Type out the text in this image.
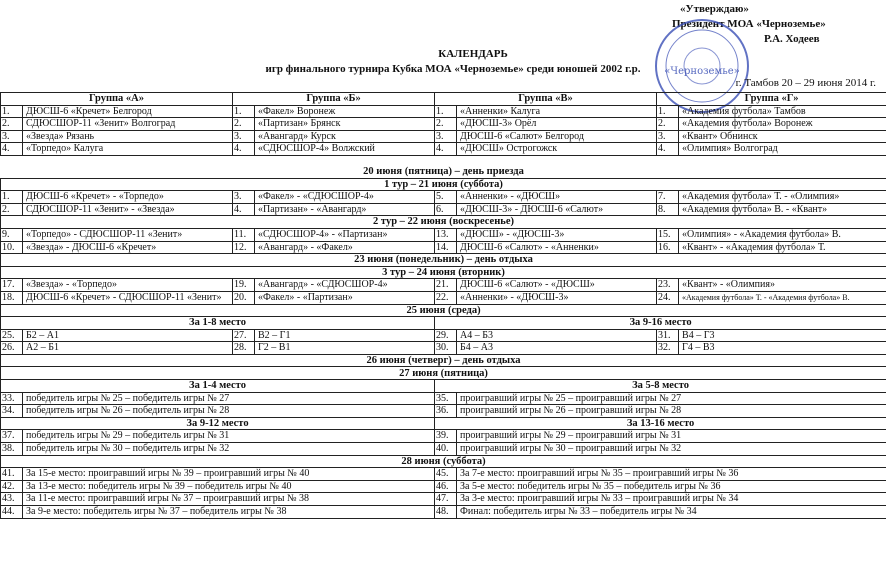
«Утверждаю»
Президент МОА «Черноземье»
Р.А. Ходеев
«Черноземье»
КАЛЕНДАРЬ
игр финального турнира Кубка МОА «Черноземье» среди юношей 2002 г.р.
г. Тамбов 20 – 29 июня 2014 г.
Группа «А»		Группа «Б»		Группа «В»		Группа «Г»	
1.	ДЮСШ-6 «Кречет» Белгород	1.	«Факел» Воронеж	1.	«Анненки» Калуга	1.	«Академия футбола» Тамбов
2.	СДЮСШОР-11 «Зенит» Волгоград	2.	«Партизан» Брянск	2.	«ДЮСШ-3» Орёл	2.	«Академия футбола» Воронеж
3.	«Звезда» Рязань	3.	«Авангард» Курск	3.	ДЮСШ-6 «Салют» Белгород	3.	«Квант» Обнинск
4.	«Торпедо» Калуга	4.	«СДЮСШОР-4» Волжский	4.	«ДЮСШ» Острогожск	4.	«Олимпия» Волгоград

20 июня (пятница) – день приезда							
1 тур – 21 июня (суббота)							
1.	ДЮСШ-6 «Кречет» - «Торпедо»	3.	«Факел» - «СДЮСШОР-4»	5.	«Анненки» - «ДЮСШ»	7.	«Академия футбола» Т. - «Олимпия»
2.	СДЮСШОР-11 «Зенит» - «Звезда»	4.	«Партизан» - «Авангард»	6.	«ДЮСШ-3» - ДЮСШ-6 «Салют»	8.	«Академия футбола» В. - «Квант»
2 тур – 22 июня (воскресенье)							
9.	«Торпедо» - СДЮСШОР-11 «Зенит»	11.	«СДЮСШОР-4» - «Партизан»	13.	«ДЮСШ» - «ДЮСШ-3»	15.	«Олимпия» - «Академия футбола» В.
10.	«Звезда» - ДЮСШ-6 «Кречет»	12.	«Авангард» - «Факел»	14.	ДЮСШ-6 «Салют» - «Анненки»	16.	«Квант» - «Академия футбола» Т.
23 июня (понедельник) – день отдыха							
3 тур – 24 июня (вторник)							
17.	«Звезда» - «Торпедо»	19.	«Авангард» - «СДЮСШОР-4»	21.	ДЮСШ-6 «Салют» - «ДЮСШ»	23.	«Квант» - «Олимпия»
18.	ДЮСШ-6 «Кречет» - СДЮСШОР-11 «Зенит»	20.	«Факел» - «Партизан»	22.	«Анненки» - «ДЮСШ-3»	24.	«Академия футбола» Т. - «Академия футбола» В.
25 июня (среда)							
За 1-8 место				За 9-16 место			
25.	Б2 – А1	27.	В2 – Г1	29.	А4 – Б3	31.	В4 – Г3
26.	А2 – Б1	28.	Г2 – В1	30.	Б4 – А3	32.	Г4 – В3
26 июня (четверг) – день отдыха							
27 июня (пятница)							
За 1-4 место				За 5-8 место			
33.	победитель игры № 25 – победитель игры № 27			35.	проигравший игры № 25 – проигравший игры № 27		
34.	победитель игры № 26 – победитель игры № 28			36.	проигравший игры № 26 – проигравший игры № 28		
За 9-12 место				За 13-16 место			
37.	победитель игры № 29 – победитель игры № 31			39.	проигравший игры № 29 – проигравший игры № 31		
38.	победитель игры № 30 – победитель игры № 32			40.	проигравший игры № 30 – проигравший игры № 32		
28 июня (суббота)							
41.	За 15-е место: проигравший игры № 39 – проигравший игры № 40			45.	За 7-е место: проигравший игры № 35 – проигравший игры № 36		
42.	За 13-е место: победитель игры № 39 – победитель игры № 40			46.	За 5-е место: победитель игры № 35 – победитель игры № 36		
43.	За 11-е место: проигравший игры № 37 – проигравший игры № 38			47.	За 3-е место: проигравший игры № 33 – проигравший игры № 34		
44.	За 9-е место: победитель игры № 37 – победитель игры № 38			48.	Финал: победитель игры № 33 – победитель игры № 34		
